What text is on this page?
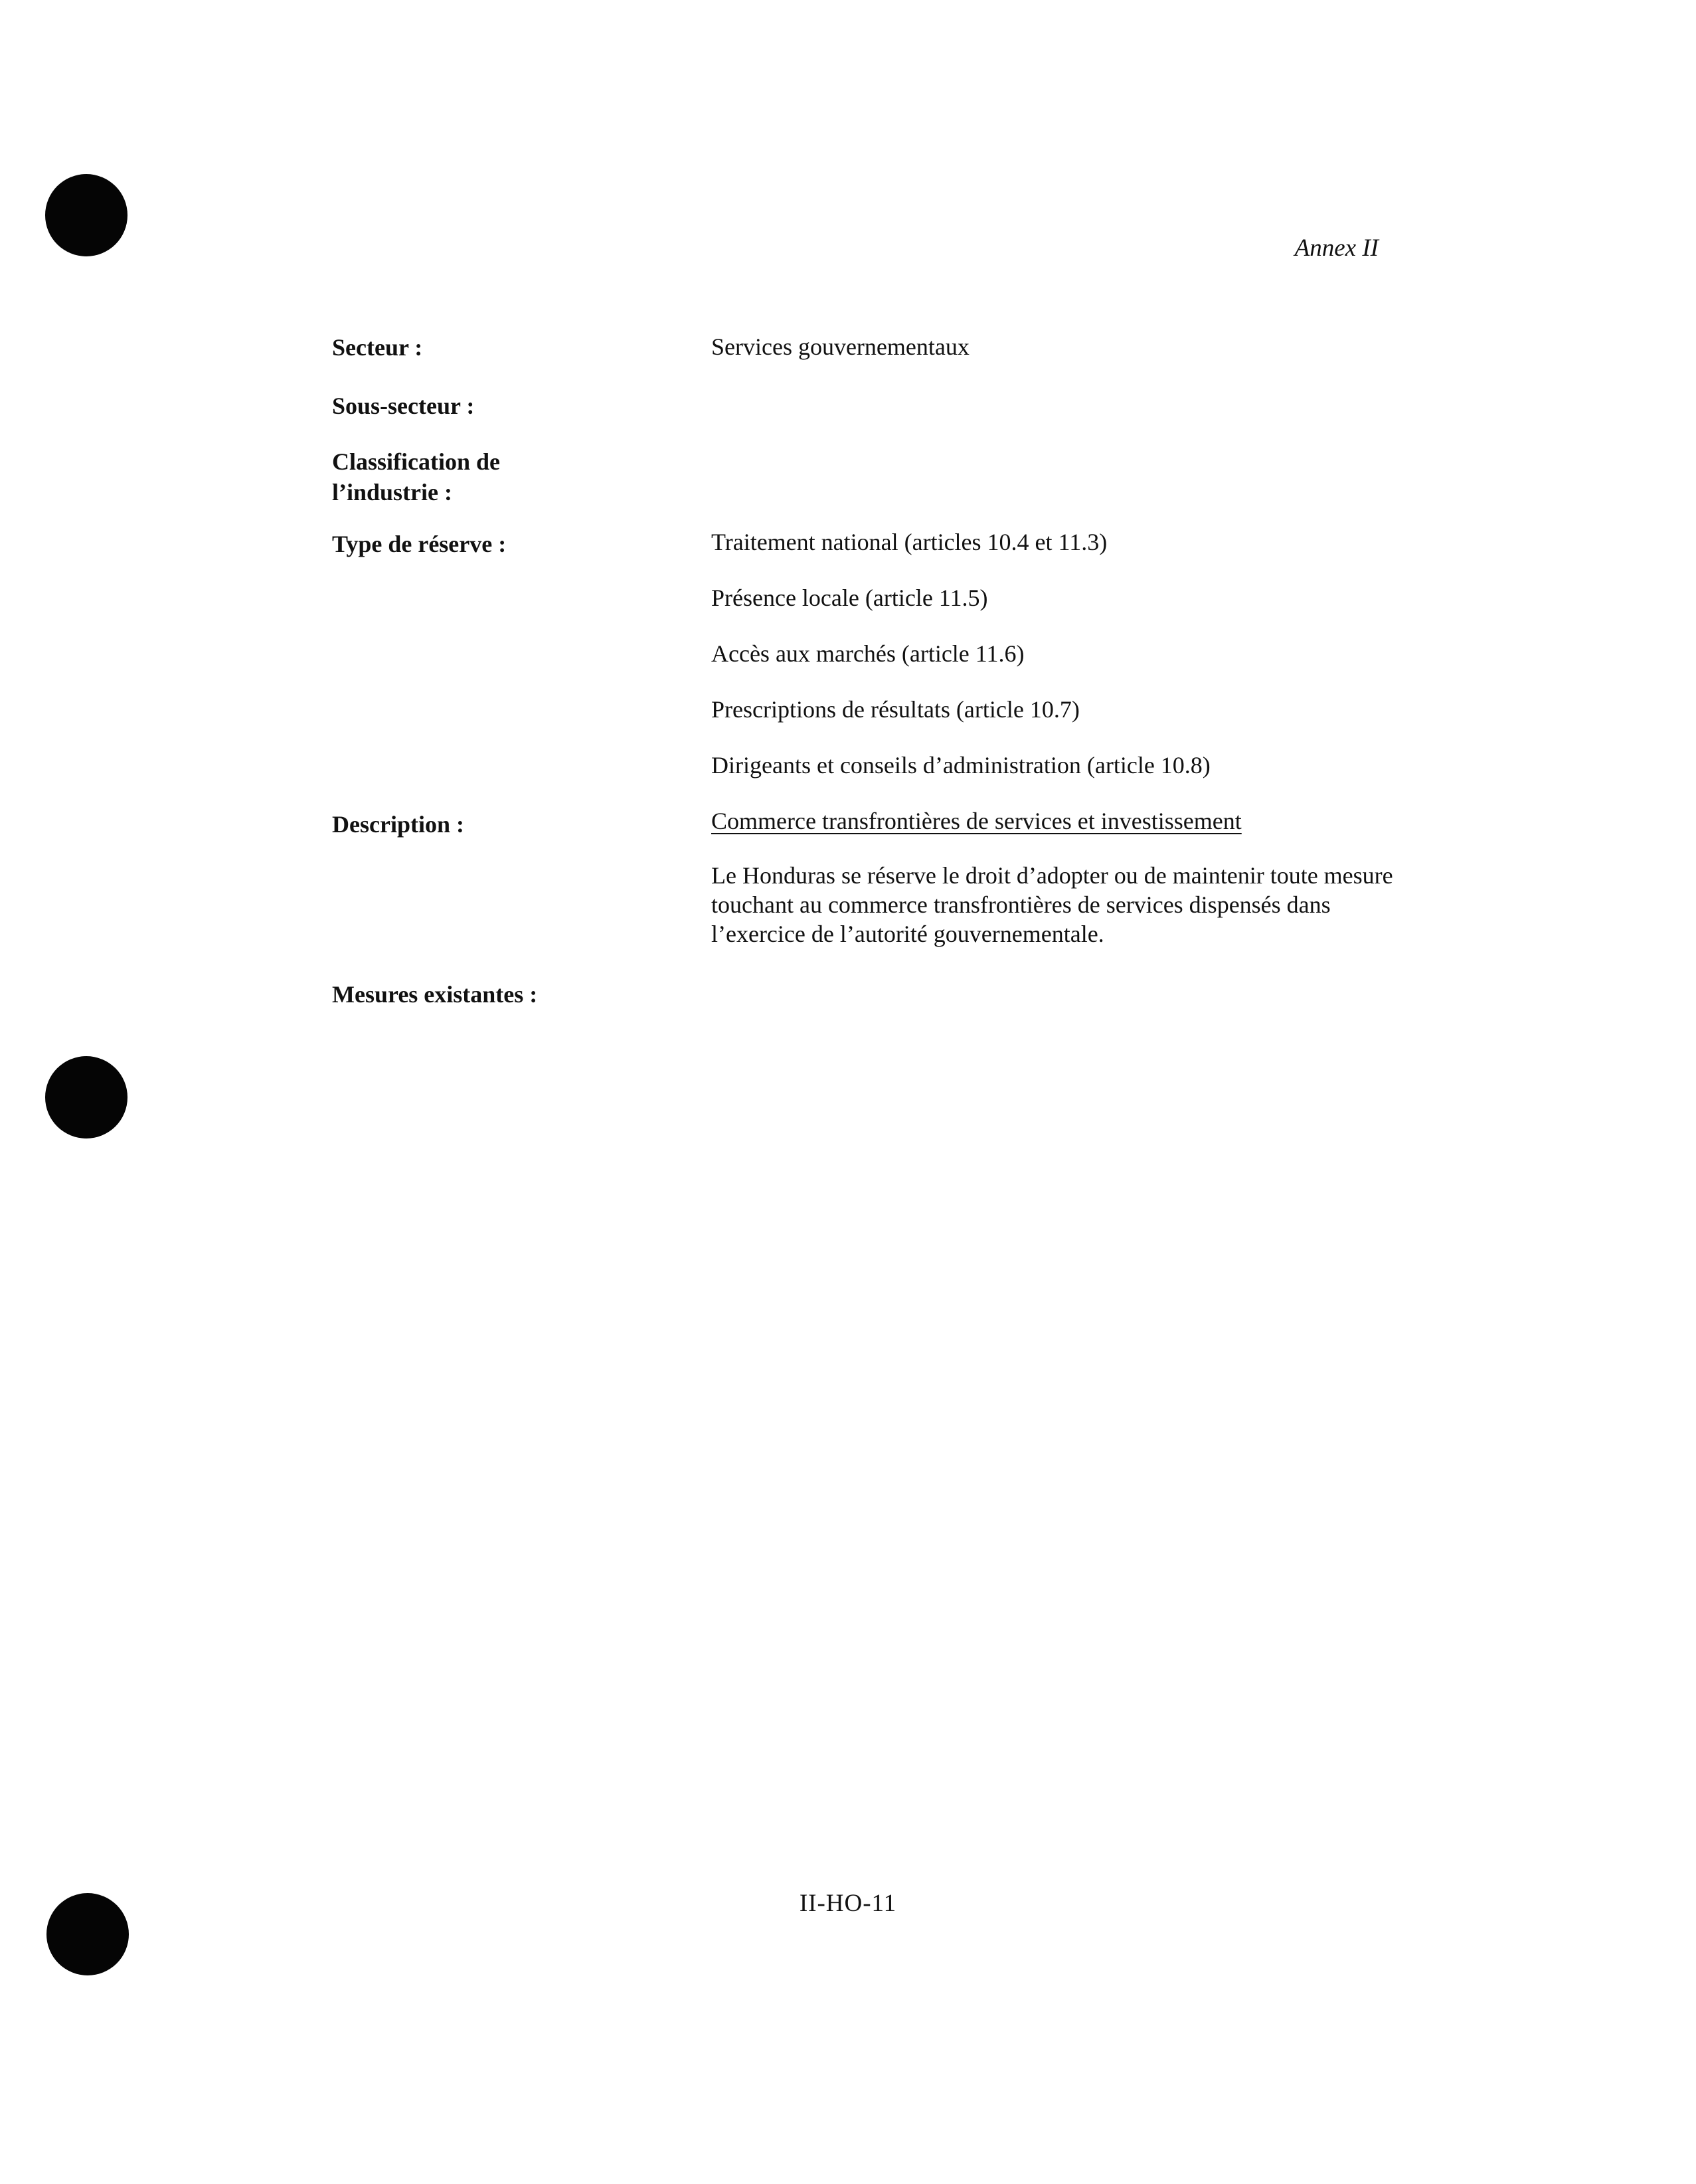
Annex II
Secteur :	Services gouvernementaux
Sous-secteur :
Classification de
l’industrie :
Type de réserve :	Traitement national (articles 10.4 et 11.3)
Présence locale (article 11.5)
Accès aux marchés (article 11.6)
Prescriptions de résultats (article 10.7)
Dirigeants et conseils d’administration (article 10.8)
Description :	Commerce transfrontières de services et investissement
Le Honduras se réserve le droit d’adopter ou de maintenir toute mesure touchant au commerce transfrontières de services dispensés dans l’exercice de l’autorité gouvernementale.
Mesures existantes :
II-HO-11
